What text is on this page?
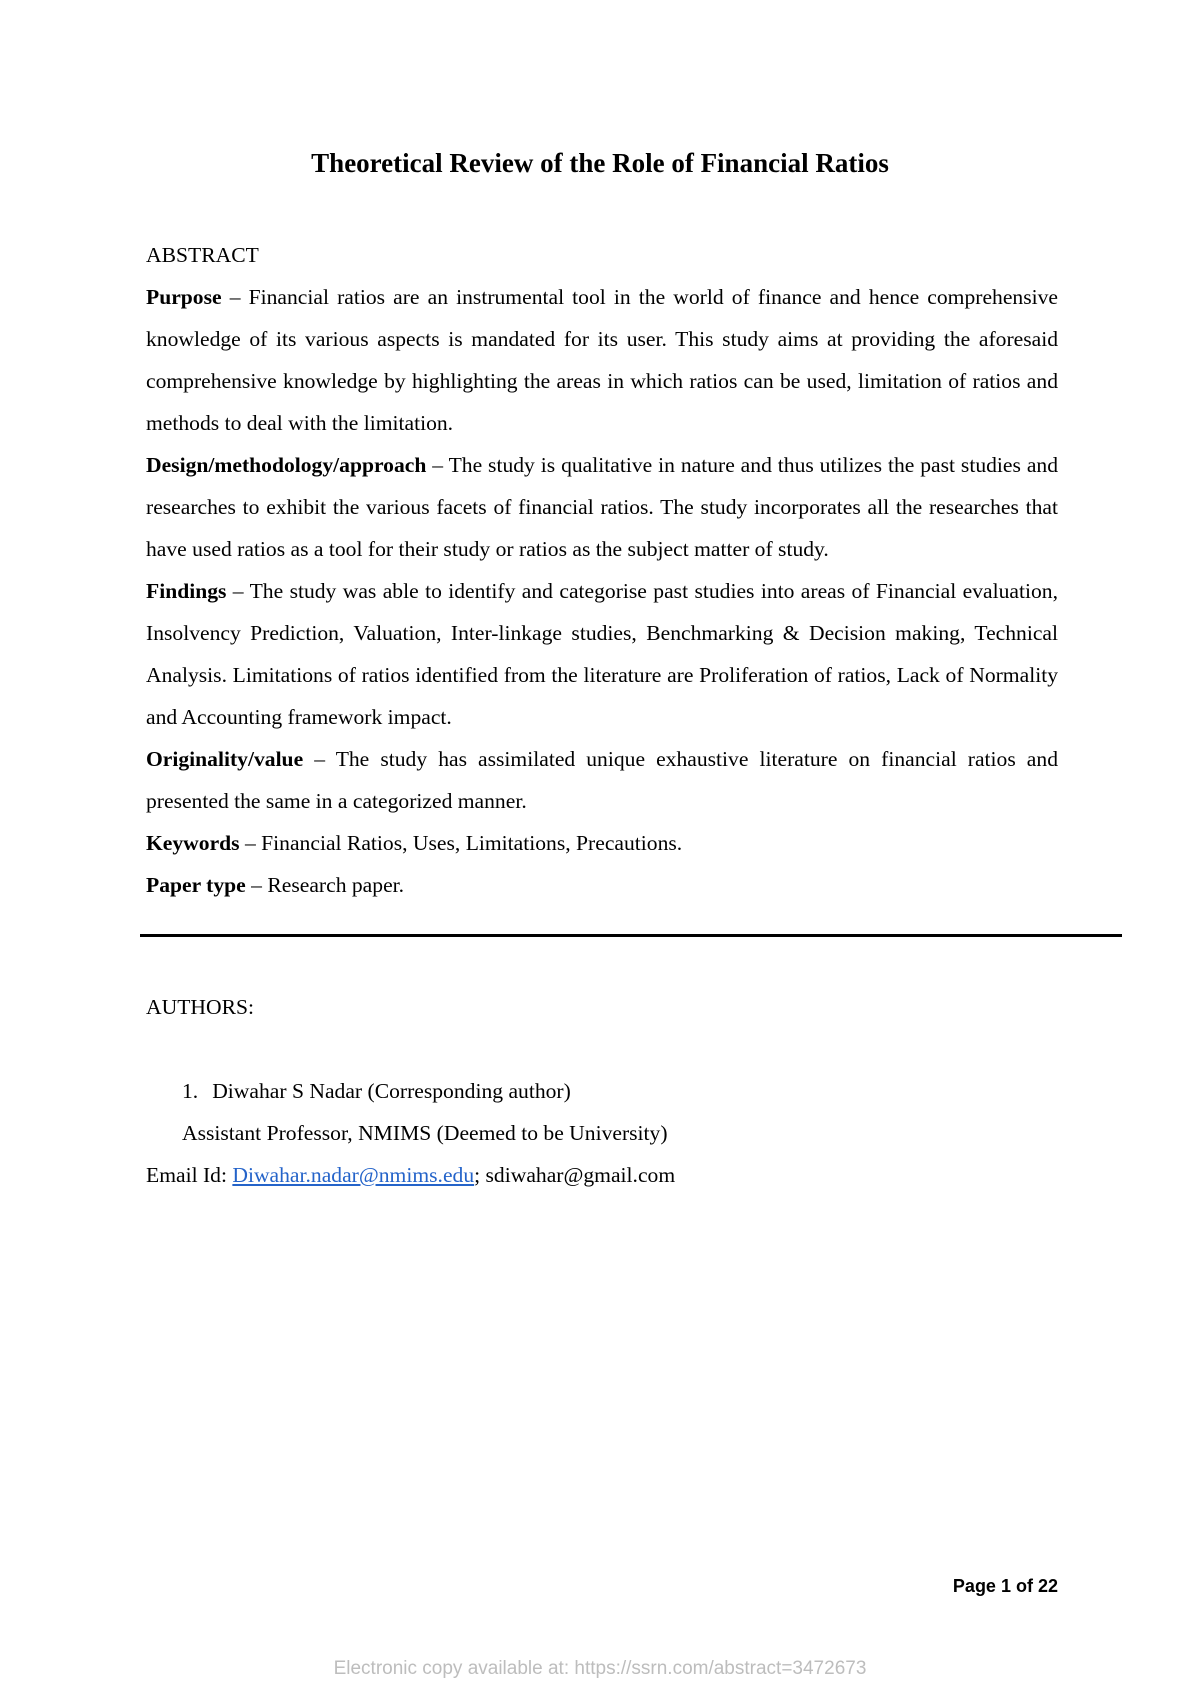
Theoretical Review of the Role of Financial Ratios
ABSTRACT

Purpose – Financial ratios are an instrumental tool in the world of finance and hence comprehensive knowledge of its various aspects is mandated for its user. This study aims at providing the aforesaid comprehensive knowledge by highlighting the areas in which ratios can be used, limitation of ratios and methods to deal with the limitation.

Design/methodology/approach – The study is qualitative in nature and thus utilizes the past studies and researches to exhibit the various facets of financial ratios. The study incorporates all the researches that have used ratios as a tool for their study or ratios as the subject matter of study.

Findings – The study was able to identify and categorise past studies into areas of Financial evaluation, Insolvency Prediction, Valuation, Inter-linkage studies, Benchmarking & Decision making, Technical Analysis. Limitations of ratios identified from the literature are Proliferation of ratios, Lack of Normality and Accounting framework impact.

Originality/value – The study has assimilated unique exhaustive literature on financial ratios and presented the same in a categorized manner.

Keywords – Financial Ratios, Uses, Limitations, Precautions.

Paper type – Research paper.

AUTHORS:
1. Diwahar S Nadar (Corresponding author)
Assistant Professor, NMIMS (Deemed to be University)
Email Id: Diwahar.nadar@nmims.edu; sdiwahar@gmail.com
Page 1 of 22
Electronic copy available at: https://ssrn.com/abstract=3472673
